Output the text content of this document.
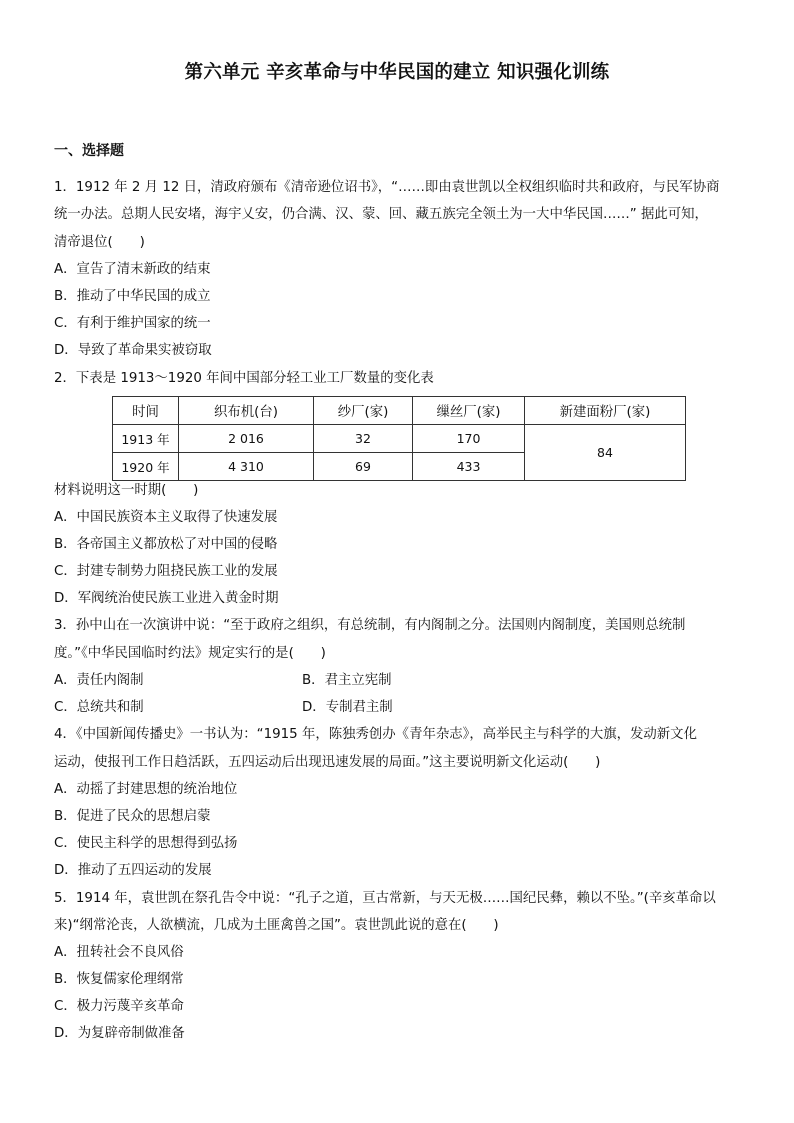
第六单元 辛亥革命与中华民国的建立 知识强化训练
一、选择题
1．1912 年 2 月 12 日，清政府颁布《清帝逊位诏书》，“……即由袁世凯以全权组织临时共和政府，与民军协商
统一办法。总期人民安堵，海宇乂安，仍合满、汉、蒙、回、藏五族完全领土为一大中华民国……” 据此可知，
清帝退位(　　)
A．宣告了清末新政的结束
B．推动了中华民国的成立
C．有利于维护国家的统一
D．导致了革命果实被窃取
2．下表是 1913～1920 年间中国部分轻工业工厂数量的变化表
时间	织布机(台)	纱厂(家)	缫丝厂(家)	新建面粉厂(家)
1913 年	2 016	32	170	84
1920 年	4 310	69	433	
材料说明这一时期(　　)
A．中国民族资本主义取得了快速发展
B．各帝国主义都放松了对中国的侵略
C．封建专制势力阻挠民族工业的发展
D．军阀统治使民族工业进入黄金时期
3．孙中山在一次演讲中说：“至于政府之组织，有总统制，有内阁制之分。法国则内阁制度，美国则总统制
度。”《中华民国临时约法》规定实行的是(　　)
A．责任内阁制	B．君主立宪制
C．总统共和制	D．专制君主制
4．《中国新闻传播史》一书认为：“1915 年，陈独秀创办《青年杂志》，高举民主与科学的大旗，发动新文化
运动，使报刊工作日趋活跃，五四运动后出现迅速发展的局面。”这主要说明新文化运动(　　)
A．动摇了封建思想的统治地位
B．促进了民众的思想启蒙
C．使民主科学的思想得到弘扬
D．推动了五四运动的发展
5．1914 年，袁世凯在祭孔告令中说：“孔子之道，亘古常新，与天无极……国纪民彝，赖以不坠。”(辛亥革命以
来)“纲常沦丧，人欲横流，几成为土匪禽兽之国”。袁世凯此说的意在(　　)
A．扭转社会不良风俗
B．恢复儒家伦理纲常
C．极力污蔑辛亥革命
D．为复辟帝制做准备
